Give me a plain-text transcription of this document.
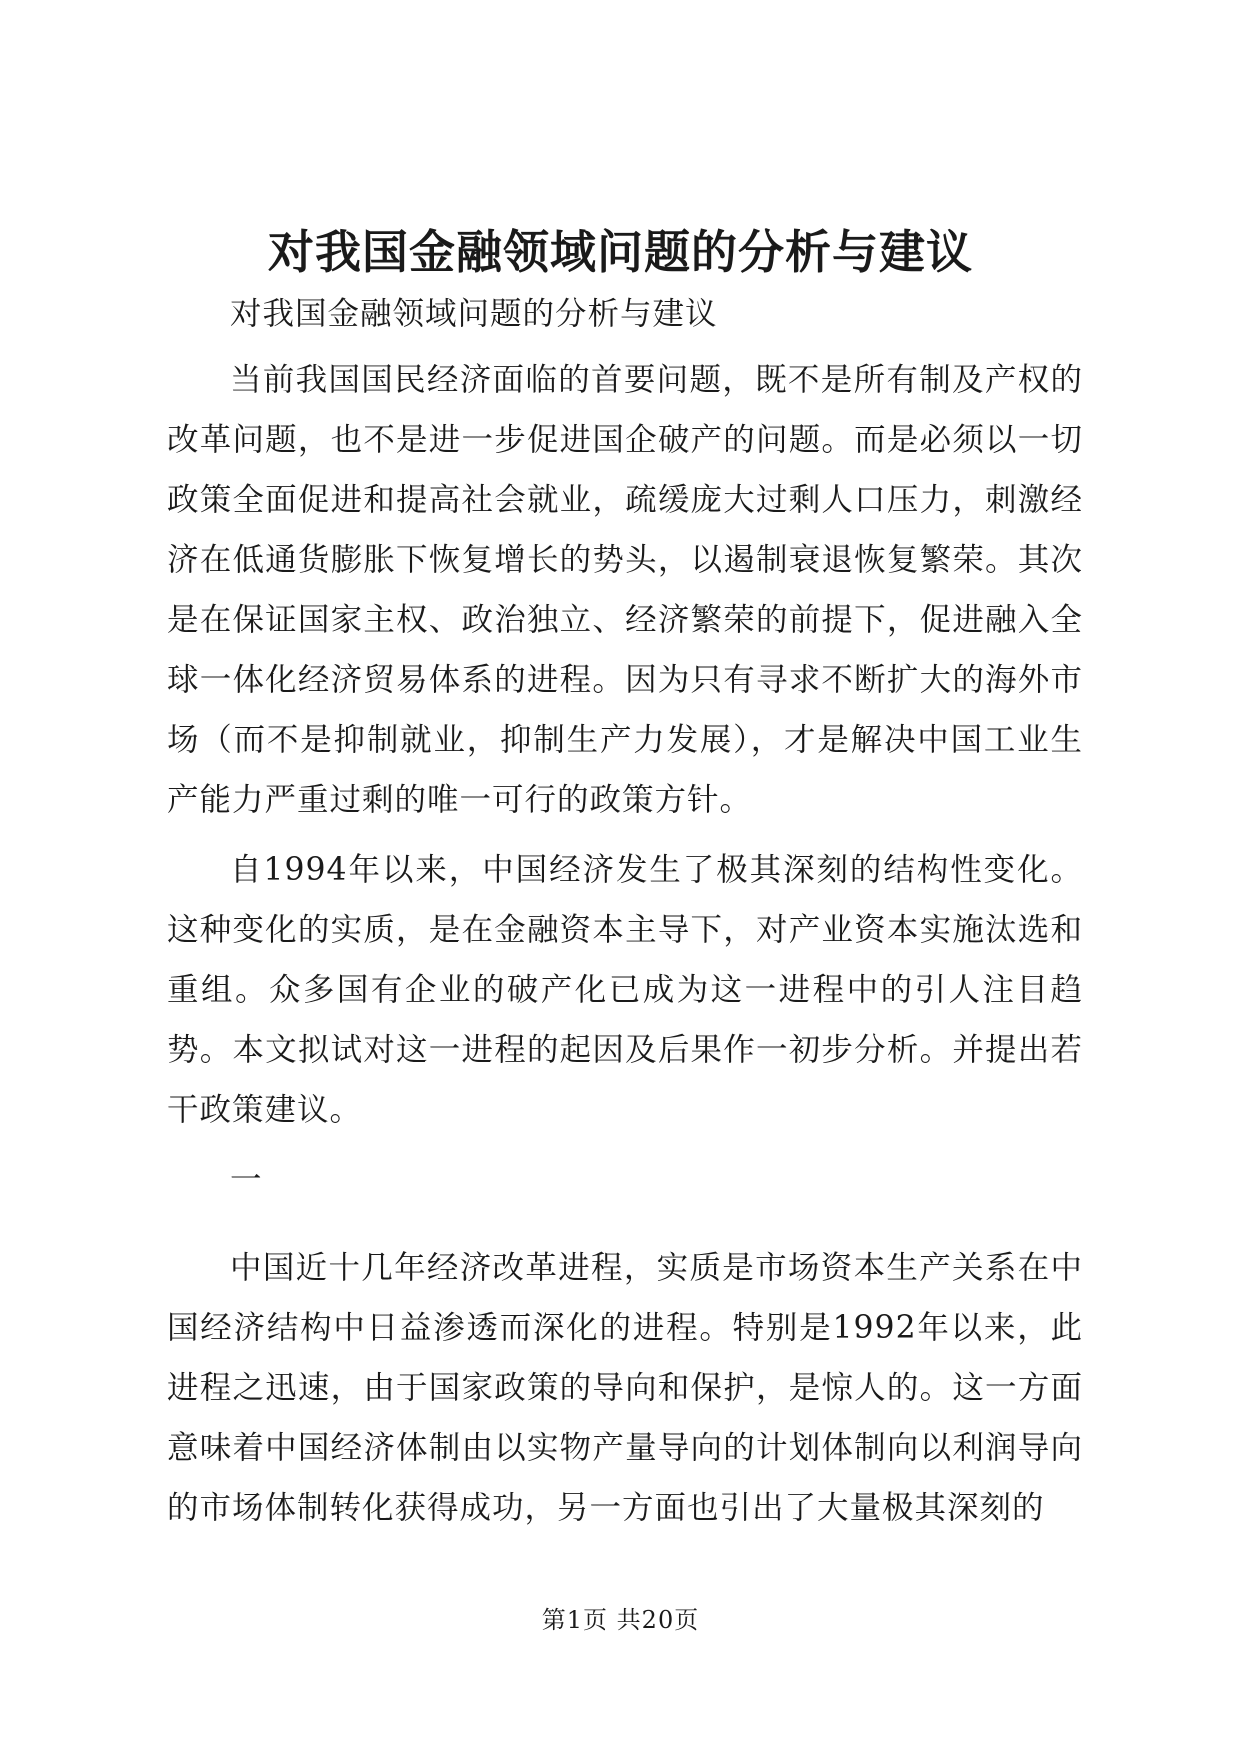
对我国金融领域问题的分析与建议

对我国金融领域问题的分析与建议

当前我国国民经济面临的首要问题，既不是所有制及产权的改革问题，也不是进一步促进国企破产的问题。而是必须以一切政策全面促进和提高社会就业，疏缓庞大过剩人口压力，刺激经济在低通货膨胀下恢复增长的势头，以遏制衰退恢复繁荣。其次是在保证国家主权、政治独立、经济繁荣的前提下，促进融入全球一体化经济贸易体系的进程。因为只有寻求不断扩大的海外市场（而不是抑制就业，抑制生产力发展），才是解决中国工业生产能力严重过剩的唯一可行的政策方针。

自1994年以来，中国经济发生了极其深刻的结构性变化。这种变化的实质，是在金融资本主导下，对产业资本实施汰选和重组。众多国有企业的破产化已成为这一进程中的引人注目趋势。本文拟试对这一进程的起因及后果作一初步分析。并提出若干政策建议。

一

中国近十几年经济改革进程，实质是市场资本生产关系在中国经济结构中日益渗透而深化的进程。特别是1992年以来，此进程之迅速，由于国家政策的导向和保护，是惊人的。这一方面意味着中国经济体制由以实物产量导向的计划体制向以利润导向的市场体制转化获得成功，另一方面也引出了大量极其深刻的

第1页 共20页
